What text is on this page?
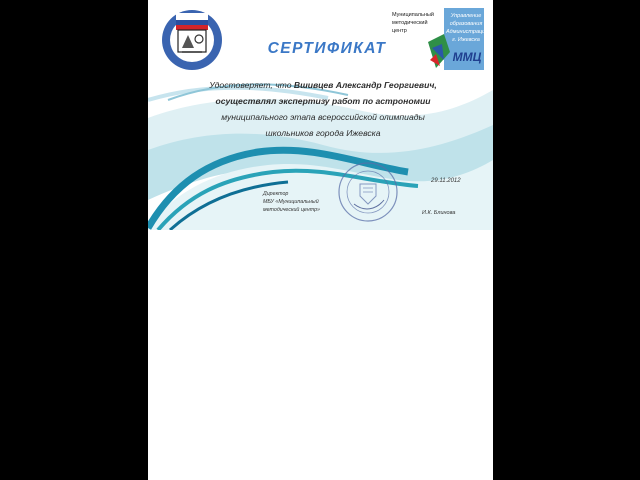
Муниципальный
методический
центр
Управление
образования
Администрации
г. Ижевска
ММЦ
СЕРТИФИКАТ
Удостоверяет, что Вшивцев Александр Георгиевич,
осуществлял экспертизу работ по астрономии
муниципального этапа всероссийской олимпиады
школьников города Ижевска
29.11.2012
Директор
МБУ «Муниципальный
методический центр»	И.К. Блинова
